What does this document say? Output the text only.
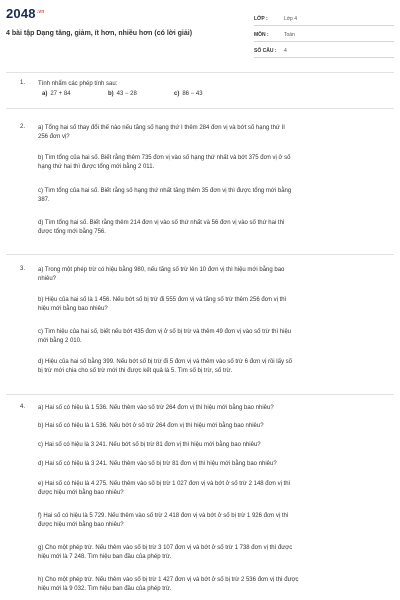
$2048^{.vn}$
4 bài tập Dạng tăng, giảm, ít hơn, nhiều hơn (có lời giải)
LỚP :	Lớp 4
MÔN :	Toán
SỐ CÂU : 4
1. Tính nhẩm các phép tính sau:
a) 27 + 84	b) 43 − 28	c) 86 − 43
2. a) Tổng hai số thay đổi thế nào nếu tăng số hạng thứ I thêm 284 đơn vị và bớt số hạng thứ II
256 đơn vị?
b) Tìm tổng của hai số. Biết rằng thêm 735 đơn vị vào số hạng thứ nhất và bớt 375 đơn vị ở số
hạng thứ hai thì được tổng mới bằng 2 011.
c) Tìm tổng của hai số. Biết rằng số hạng thứ nhất tăng thêm 35 đơn vị thì được tổng mới bằng
387.
d) Tìm tổng hai số. Biết rằng thêm 214 đơn vị vào số thứ nhất và 56 đơn vị vào số thứ hai thì
được tổng mới bằng 756.
3. a) Trong một phép trừ có hiệu bằng 980, nếu tăng số trừ lên 10 đơn vị thì hiệu mới bằng bao
nhiêu?
b) Hiệu của hai số là 1 456. Nếu bớt số bị trừ đi 555 đơn vị và tăng số trừ thêm 256 đơn vị thì
hiệu mới bằng bao nhiêu?
c) Tìm hiệu của hai số, biết nếu bớt 435 đơn vị ở số bị trừ và thêm 49 đơn vị vào số trừ thì hiệu
mới bằng 2 010.
d) Hiệu của hai số bằng 399. Nếu bớt số bị trừ đi 5 đơn vị và thêm vào số trừ 6 đơn vị rồi lấy số
bị trừ mới chia cho số trừ mới thì được kết quả là 5. Tìm số bị trừ, số trừ.
4. a) Hai số có hiệu là 1 536. Nếu thêm vào số trừ 264 đơn vị thì hiệu mới bằng bao nhiêu?
b) Hai số có hiệu là 1 536. Nếu bớt ở số trừ 264 đơn vị thì hiệu mới bằng bao nhiêu?
c) Hai số có hiệu là 3 241. Nếu bớt số bị trừ 81 đơn vị thì hiệu mới bằng bao nhiêu?
d) Hai số có hiệu là 3 241. Nếu thêm vào số bị trừ 81 đơn vị thì hiệu mới bằng bao nhiêu?
e) Hai số có hiệu là 4 275. Nếu thêm vào số bị trừ 1 027 đơn vị và bớt ở số trừ 2 148 đơn vị thì
được hiệu mới bằng bao nhiêu?
f) Hai số có hiệu là 5 729. Nếu thêm vào số trừ 2 418 đơn vị và bớt ở số bị trừ 1 926 đơn vị thì
được hiệu mới bằng bao nhiêu?
g) Cho một phép trừ. Nếu thêm vào số bị trừ 3 107 đơn vị và bớt ở số trừ 1 738 đơn vị thì được
hiệu mới là 7 248. Tìm hiệu ban đầu của phép trừ.
h) Cho một phép trừ. Nếu thêm vào số bị trừ 1 427 đơn vị và bớt ở số bị trừ 2 536 đơn vị thì được
hiệu mới là 9 032. Tìm hiệu ban đầu của phép trừ.
